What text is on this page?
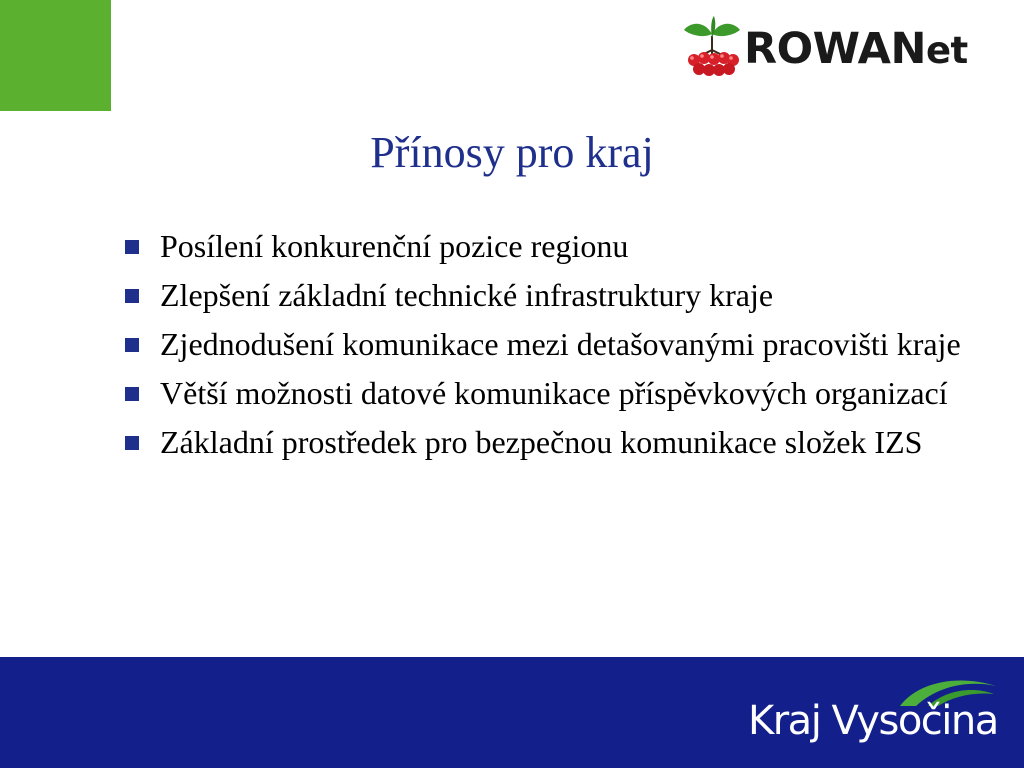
ROWANet
Přínosy pro kraj
Posílení konkurenční pozice regionu
Zlepšení základní technické infrastruktury kraje
Zjednodušení komunikace mezi detašovanými pracovišti kraje
Větší možnosti datové komunikace příspěvkových organizací
Základní prostředek pro bezpečnou komunikace složek IZS
Kraj Vysočina
